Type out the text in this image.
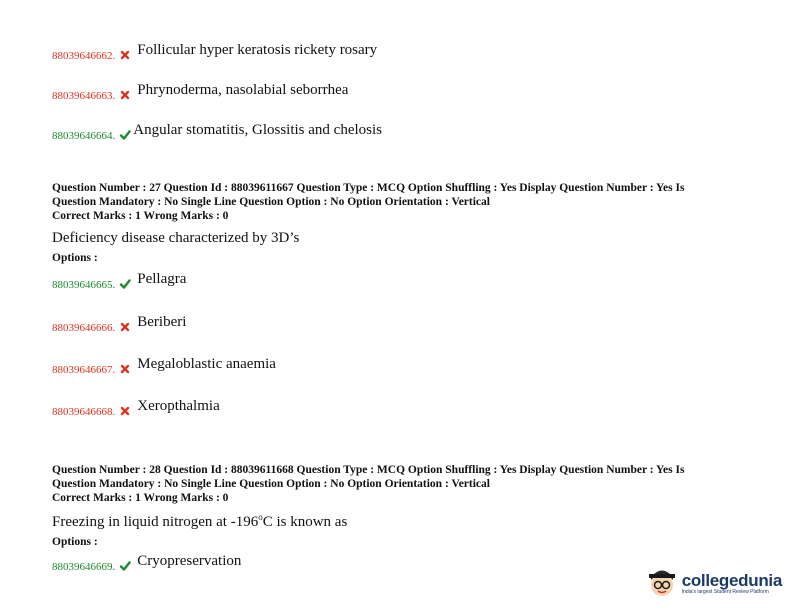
88039646662. Follicular hyper keratosis rickety rosary
88039646663. Phrynoderma, nasolabial seborrhea
88039646664. Angular stomatitis, Glossitis and chelosis
Question Number : 27 Question Id : 88039611667 Question Type : MCQ Option Shuffling : Yes Display Question Number : Yes Is
Question Mandatory : No Single Line Question Option : No Option Orientation : Vertical
Correct Marks : 1 Wrong Marks : 0
Deficiency disease characterized by 3D’s
Options :
88039646665. Pellagra
88039646666. Beriberi
88039646667. Megaloblastic anaemia
88039646668. Xeropthalmia
Question Number : 28 Question Id : 88039611668 Question Type : MCQ Option Shuffling : Yes Display Question Number : Yes Is
Question Mandatory : No Single Line Question Option : No Option Orientation : Vertical
Correct Marks : 1 Wrong Marks : 0
Freezing in liquid nitrogen at -196$^o$C is known as
Options :
88039646669. Cryopreservation
collegedunia
India's largest Student Review Platform
